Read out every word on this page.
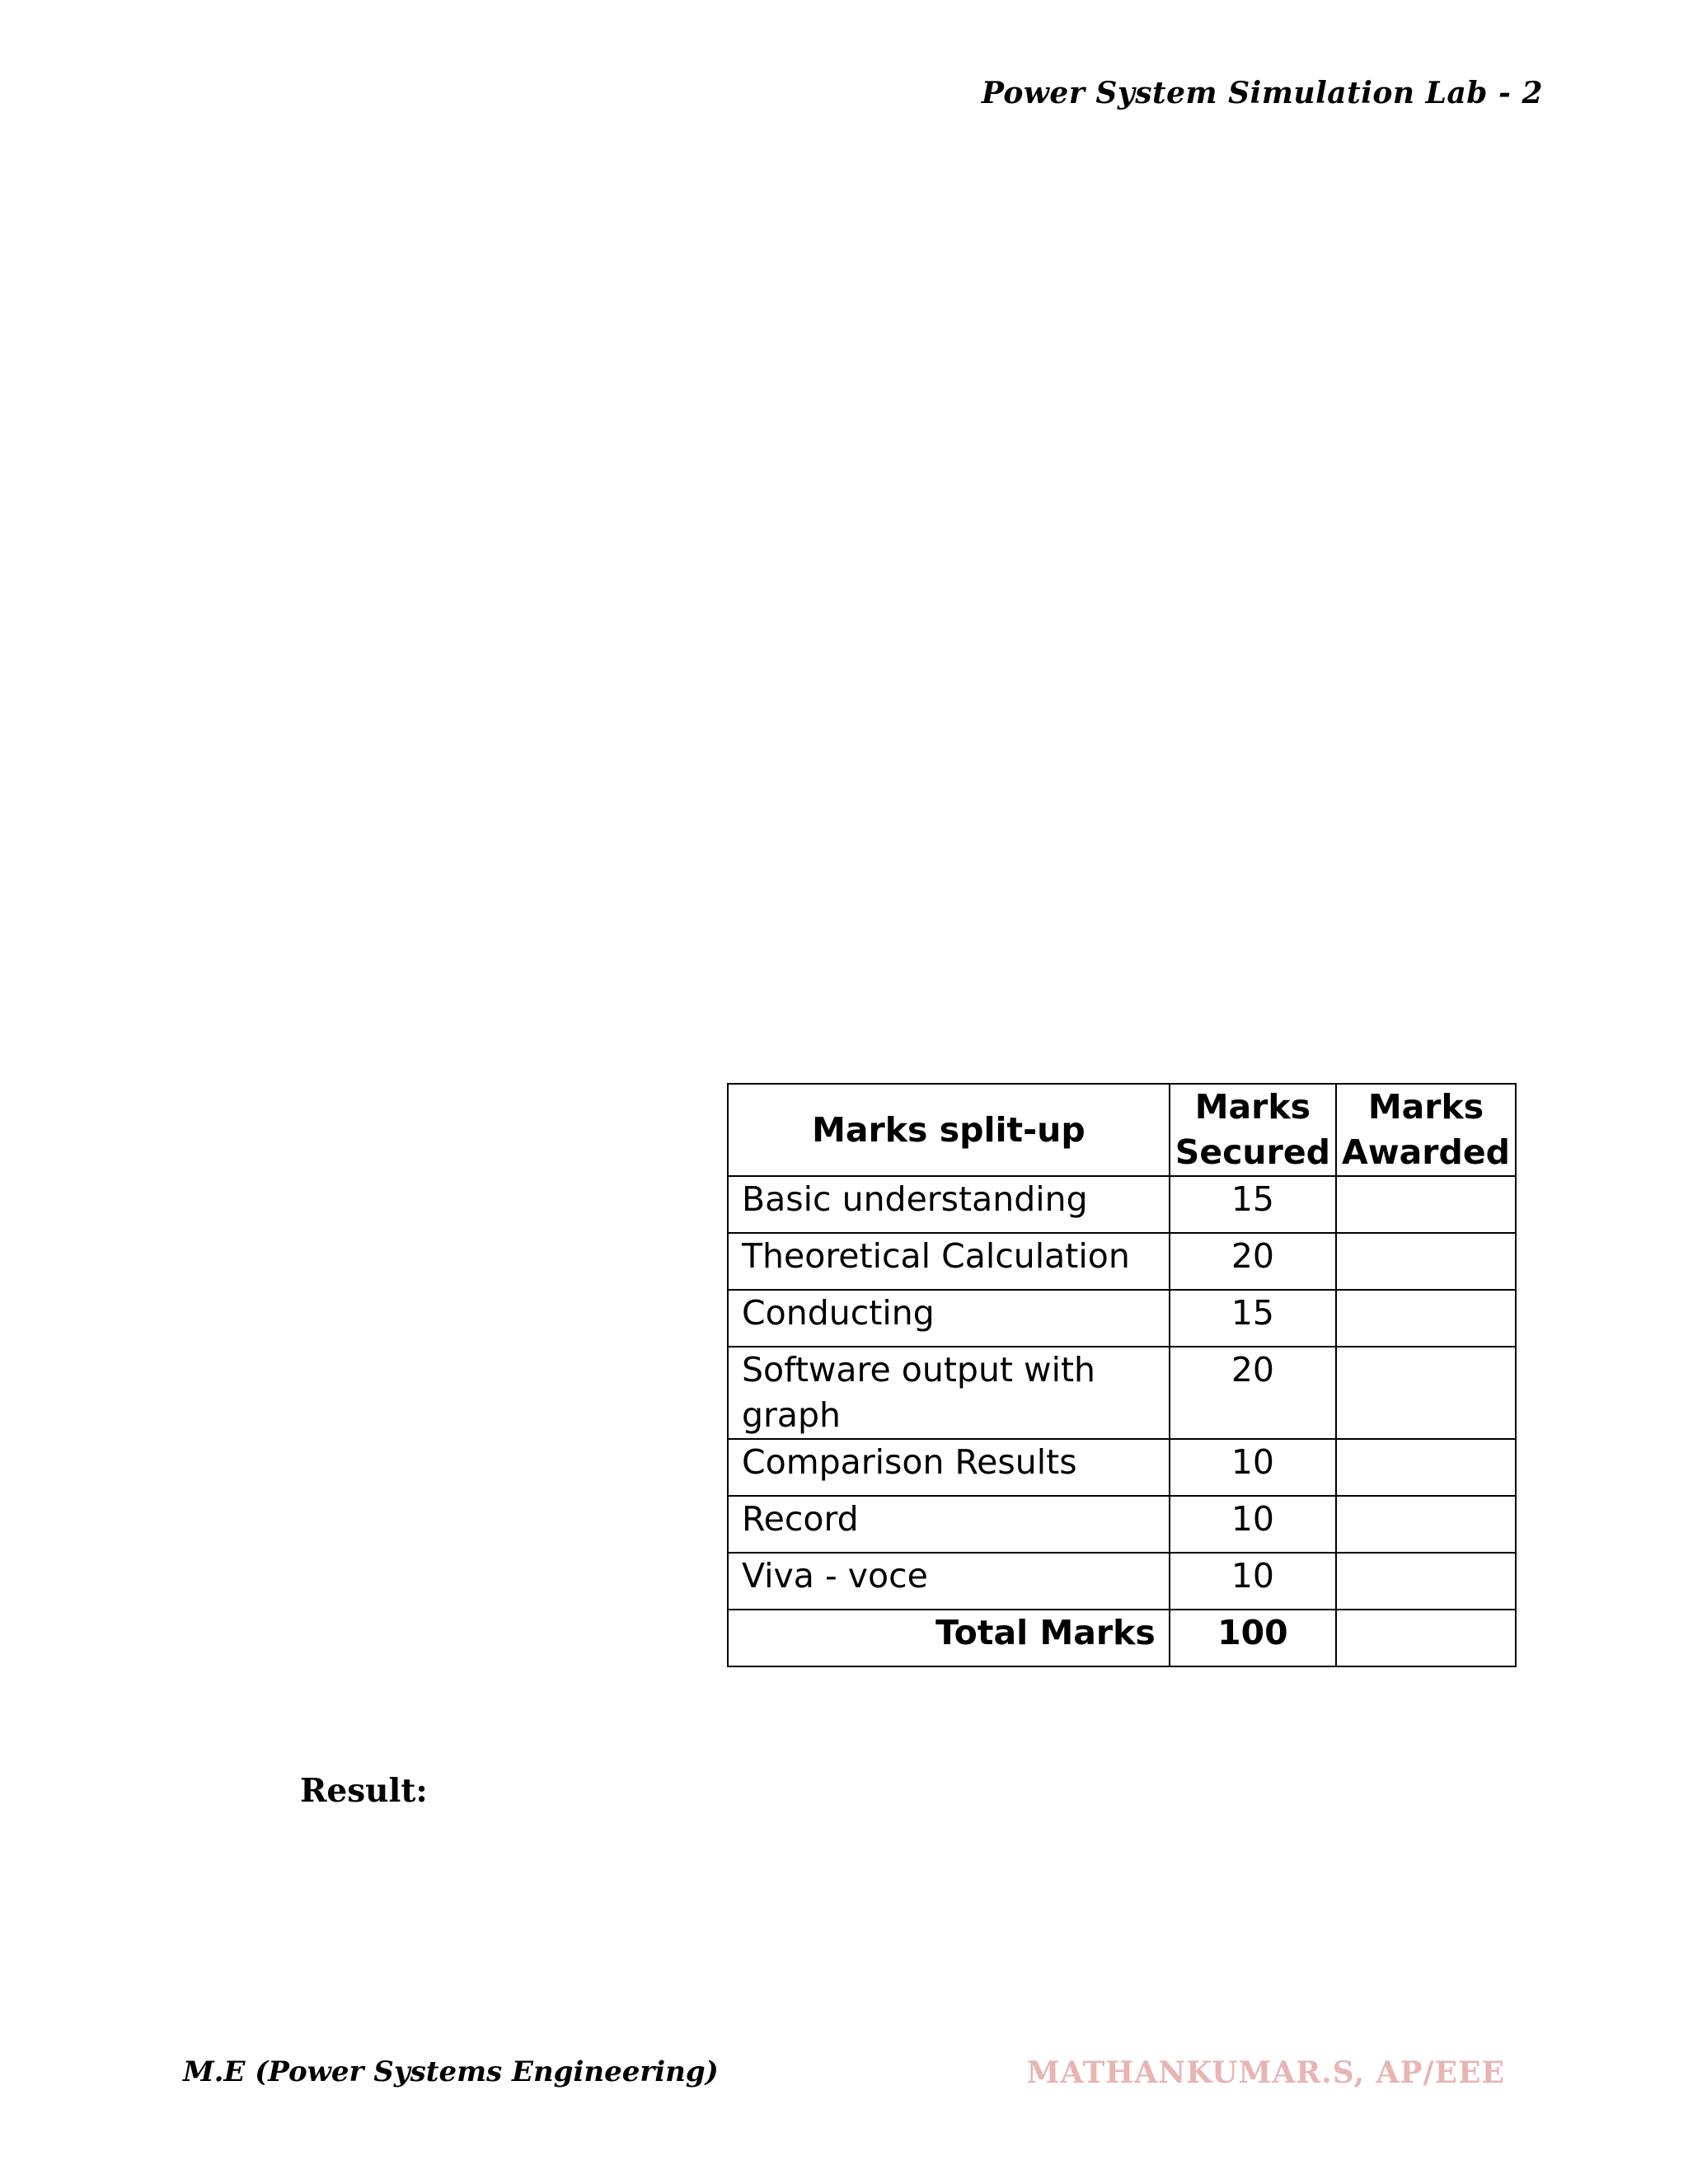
Power System Simulation Lab - 2
Marks split-up	Marks Secured	Marks Awarded
Basic understanding	15	
Theoretical Calculation	20	
Conducting	15	
Software output with graph	20	
Comparison Results	10	
Record	10	
Viva - voce	10	
Total Marks	100	
Result:
M.E (Power Systems Engineering)	MATHANKUMAR.S, AP/EEE
